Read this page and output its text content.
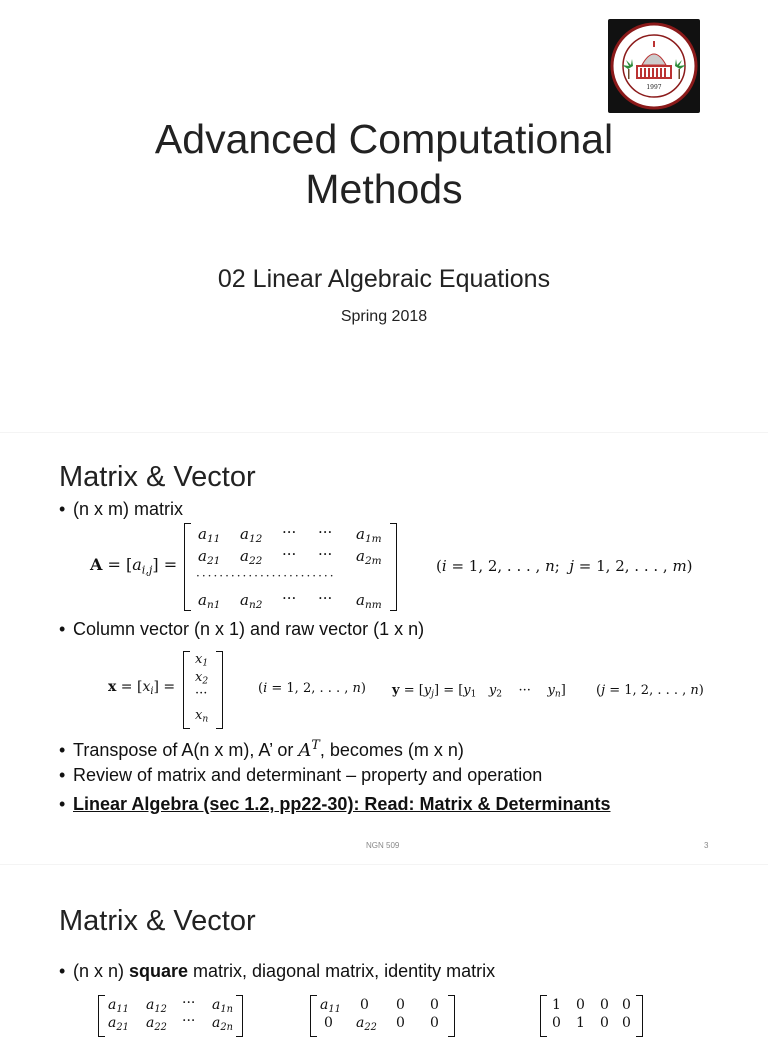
1997
Advanced Computational
Methods
02 Linear Algebraic Equations
Spring 2018
Matrix & Vector
• (n x m) matrix
$A = [a_{i,j}]$ =
$a_{11}$ $a_{12}$ ··· ··· $a_{1m}$
$a_{21}$ $a_{22}$ ··· ··· $a_{2m}$
························
$a_{n1}$ $a_{n2}$ ··· ··· $a_{nm}$
(i = 1, 2, . . . , n;  j = 1, 2, . . . , m)
• Column vector (n x 1) and raw vector (1 x n)
$x = [x_i]$ =
$x_1$
$x_2$
···
$x_n$
(i = 1, 2, . . . , n) $y = [y_j] = [y_1$ $y_2$    ···    $y_n$] (j = 1, 2, . . . , n)
• Transpose of A(n x m), A’ or $A^T$, becomes (m x n)
• Review of matrix and determinant – property and operation
• Linear Algebra (sec 1.2, pp22-30): Read: Matrix & Determinants
NGN 509	3
Matrix & Vector
• (n x n) square matrix, diagonal matrix, identity matrix
$a_{11}$ $a_{12}$ ··· $a_{1n}$
$a_{21}$ $a_{22}$ ··· $a_{2n}$
$a_{11}$ 0 0 0
0 $a_{22}$ 0 0
1 0 0 0
0 1 0 0
